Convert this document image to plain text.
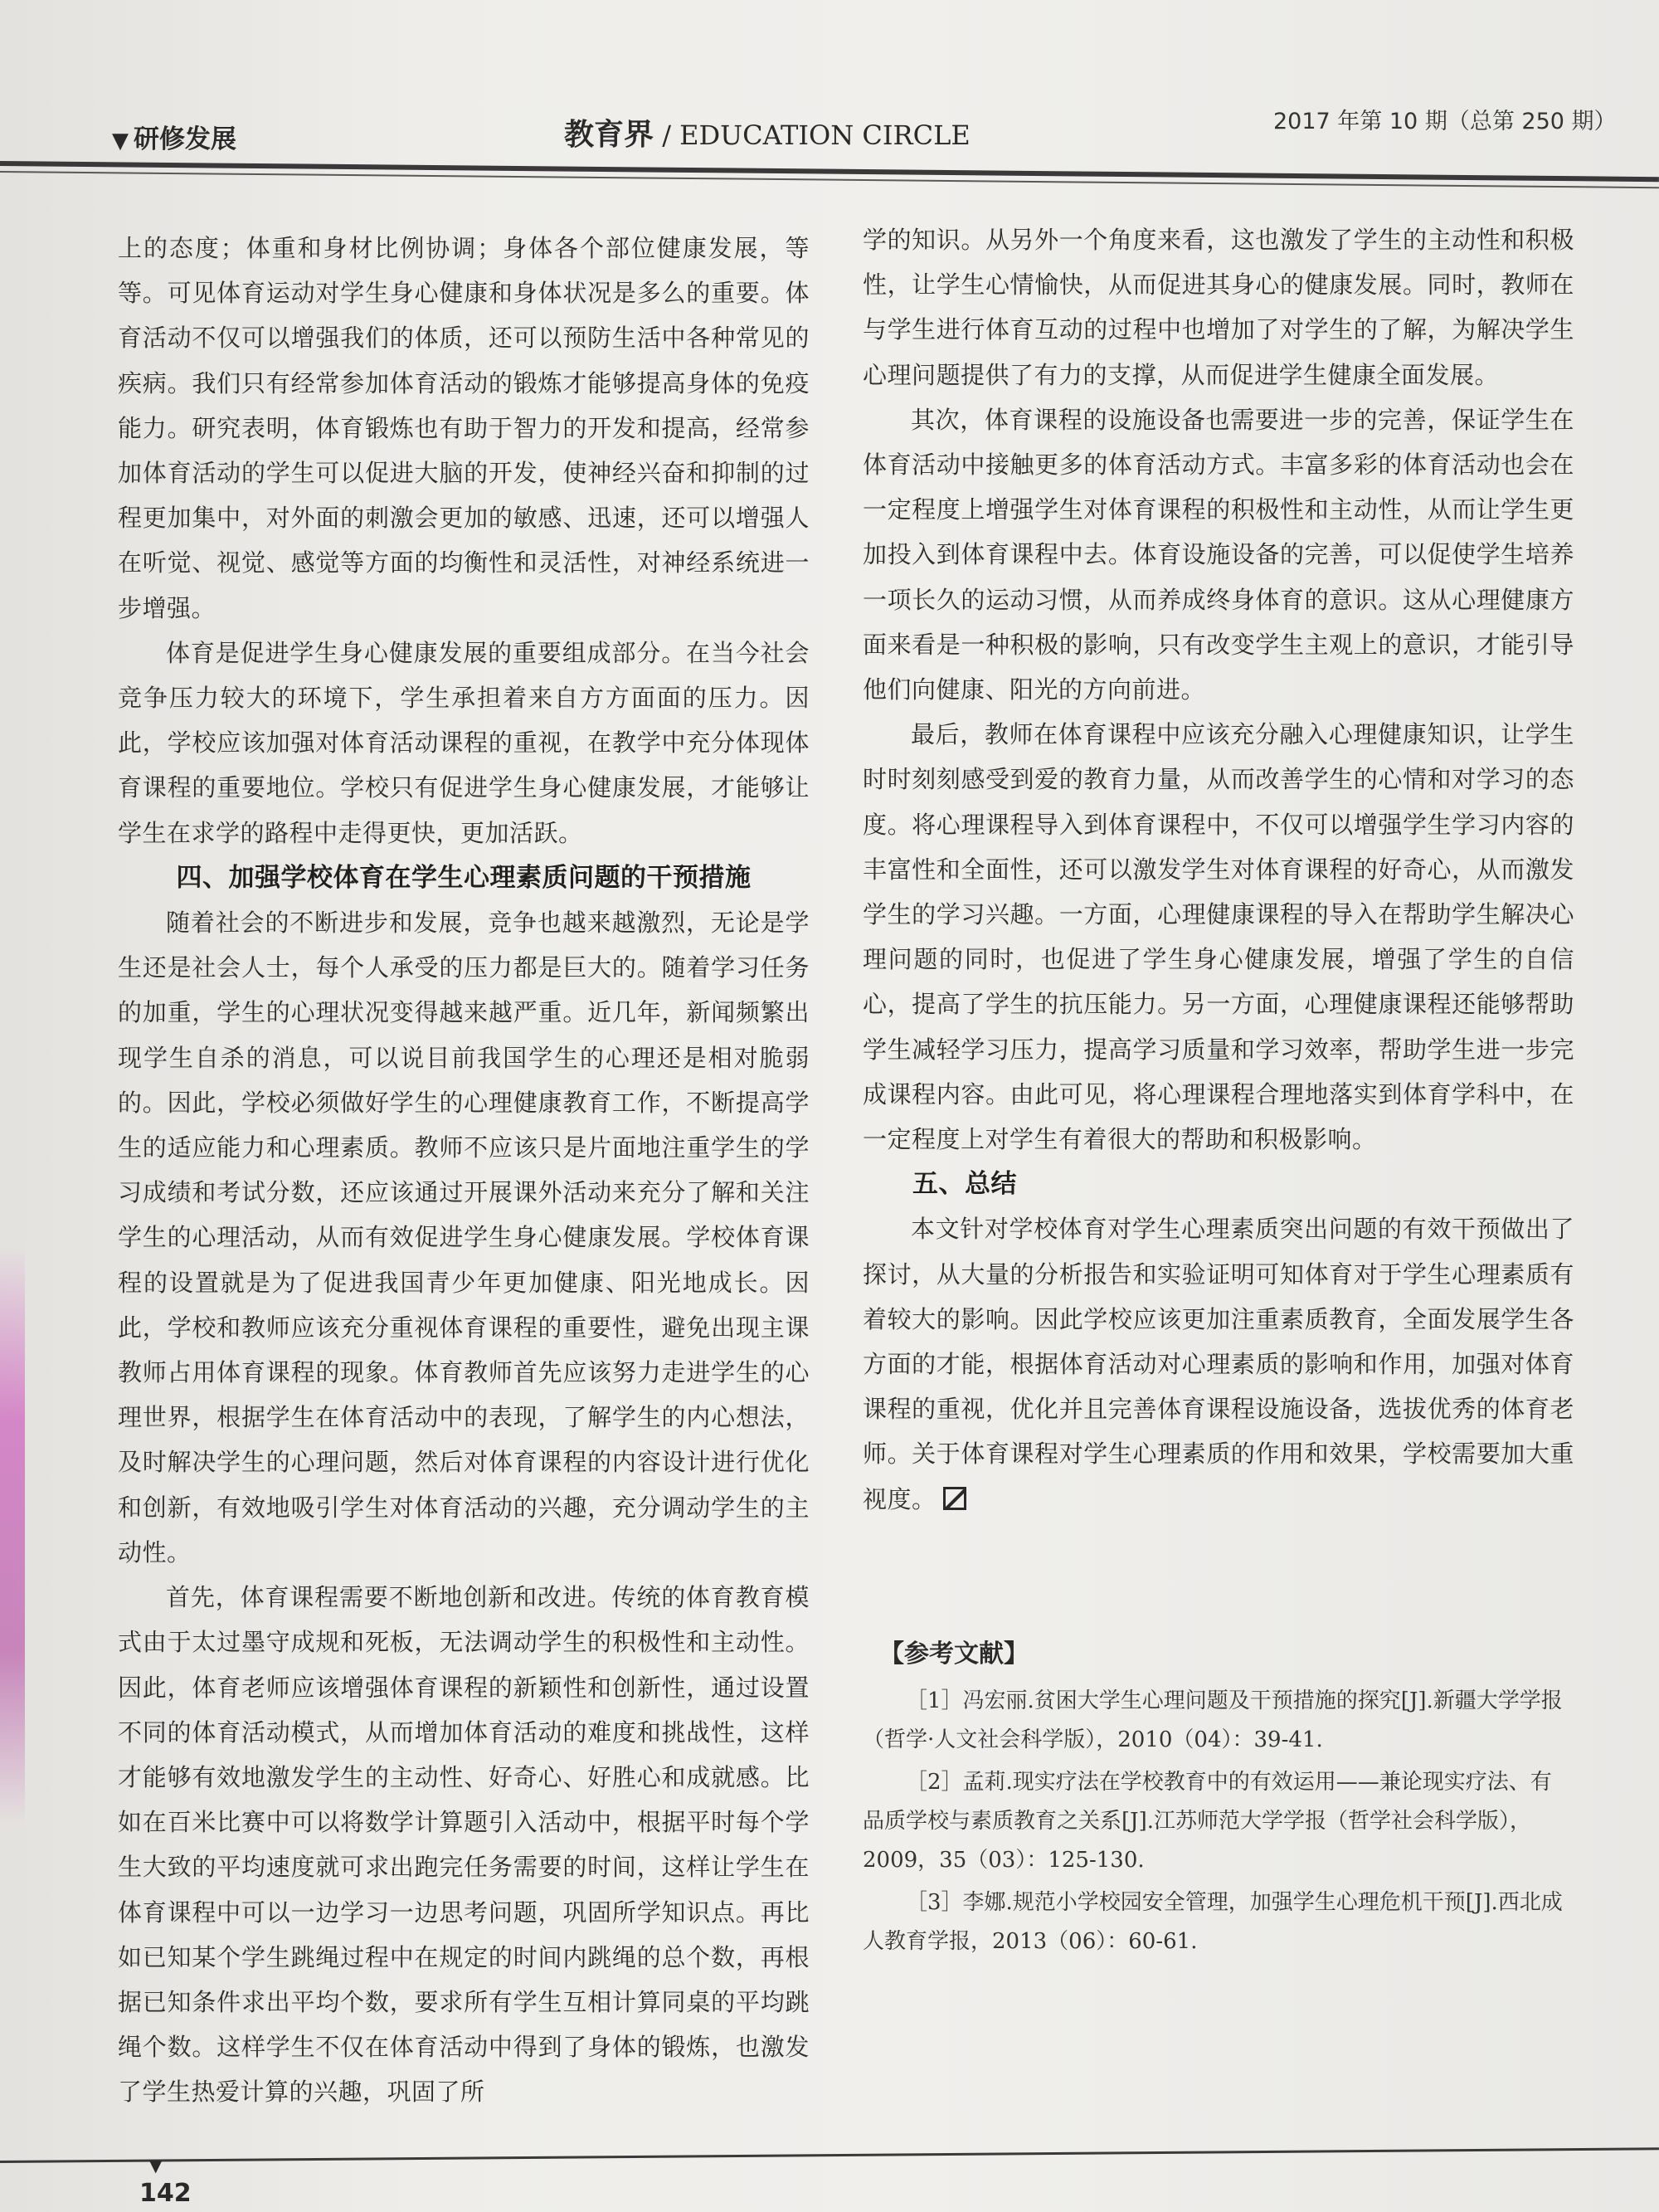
▼ 研修发展	教育界 / EDUCATION CIRCLE	2017 年第 10 期（总第 250 期）

上的态度；体重和身材比例协调；身体各个部位健康发展，等等。可见体育运动对学生身心健康和身体状况是多么的重要。体育活动不仅可以增强我们的体质，还可以预防生活中各种常见的疾病。我们只有经常参加体育活动的锻炼才能够提高身体的免疫能力。研究表明，体育锻炼也有助于智力的开发和提高，经常参加体育活动的学生可以促进大脑的开发，使神经兴奋和抑制的过程更加集中，对外面的刺激会更加的敏感、迅速，还可以增强人在听觉、视觉、感觉等方面的均衡性和灵活性，对神经系统进一步增强。

体育是促进学生身心健康发展的重要组成部分。在当今社会竞争压力较大的环境下，学生承担着来自方方面面的压力。因此，学校应该加强对体育活动课程的重视，在教学中充分体现体育课程的重要地位。学校只有促进学生身心健康发展，才能够让学生在求学的路程中走得更快，更加活跃。

四、加强学校体育在学生心理素质问题的干预措施

随着社会的不断进步和发展，竞争也越来越激烈，无论是学生还是社会人士，每个人承受的压力都是巨大的。随着学习任务的加重，学生的心理状况变得越来越严重。近几年，新闻频繁出现学生自杀的消息，可以说目前我国学生的心理还是相对脆弱的。因此，学校必须做好学生的心理健康教育工作，不断提高学生的适应能力和心理素质。教师不应该只是片面地注重学生的学习成绩和考试分数，还应该通过开展课外活动来充分了解和关注学生的心理活动，从而有效促进学生身心健康发展。学校体育课程的设置就是为了促进我国青少年更加健康、阳光地成长。因此，学校和教师应该充分重视体育课程的重要性，避免出现主课教师占用体育课程的现象。体育教师首先应该努力走进学生的心理世界，根据学生在体育活动中的表现，了解学生的内心想法，及时解决学生的心理问题，然后对体育课程的内容设计进行优化和创新，有效地吸引学生对体育活动的兴趣，充分调动学生的主动性。

首先，体育课程需要不断地创新和改进。传统的体育教育模式由于太过墨守成规和死板，无法调动学生的积极性和主动性。因此，体育老师应该增强体育课程的新颖性和创新性，通过设置不同的体育活动模式，从而增加体育活动的难度和挑战性，这样才能够有效地激发学生的主动性、好奇心、好胜心和成就感。比如在百米比赛中可以将数学计算题引入活动中，根据平时每个学生大致的平均速度就可求出跑完任务需要的时间，这样让学生在体育课程中可以一边学习一边思考问题，巩固所学知识点。再比如已知某个学生跳绳过程中在规定的时间内跳绳的总个数，再根据已知条件求出平均个数，要求所有学生互相计算同桌的平均跳绳个数。这样学生不仅在体育活动中得到了身体的锻炼，也激发了学生热爱计算的兴趣，巩固了所

学的知识。从另外一个角度来看，这也激发了学生的主动性和积极性，让学生心情愉快，从而促进其身心的健康发展。同时，教师在与学生进行体育互动的过程中也增加了对学生的了解，为解决学生心理问题提供了有力的支撑，从而促进学生健康全面发展。

其次，体育课程的设施设备也需要进一步的完善，保证学生在体育活动中接触更多的体育活动方式。丰富多彩的体育活动也会在一定程度上增强学生对体育课程的积极性和主动性，从而让学生更加投入到体育课程中去。体育设施设备的完善，可以促使学生培养一项长久的运动习惯，从而养成终身体育的意识。这从心理健康方面来看是一种积极的影响，只有改变学生主观上的意识，才能引导他们向健康、阳光的方向前进。

最后，教师在体育课程中应该充分融入心理健康知识，让学生时时刻刻感受到爱的教育力量，从而改善学生的心情和对学习的态度。将心理课程导入到体育课程中，不仅可以增强学生学习内容的丰富性和全面性，还可以激发学生对体育课程的好奇心，从而激发学生的学习兴趣。一方面，心理健康课程的导入在帮助学生解决心理问题的同时，也促进了学生身心健康发展，增强了学生的自信心，提高了学生的抗压能力。另一方面，心理健康课程还能够帮助学生减轻学习压力，提高学习质量和学习效率，帮助学生进一步完成课程内容。由此可见，将心理课程合理地落实到体育学科中，在一定程度上对学生有着很大的帮助和积极影响。

五、总结

本文针对学校体育对学生心理素质突出问题的有效干预做出了探讨，从大量的分析报告和实验证明可知体育对于学生心理素质有着较大的影响。因此学校应该更加注重素质教育，全面发展学生各方面的才能，根据体育活动对心理素质的影响和作用，加强对体育课程的重视，优化并且完善体育课程设施设备，选拔优秀的体育老师。关于体育课程对学生心理素质的作用和效果，学校需要加大重视度。

【参考文献】

［1］冯宏丽.贫困大学生心理问题及干预措施的探究[J].新疆大学学报（哲学·人文社会科学版），2010（04）：39-41.

［2］孟莉.现实疗法在学校教育中的有效运用——兼论现实疗法、有品质学校与素质教育之关系[J].江苏师范大学学报（哲学社会科学版），2009，35（03）：125-130.

［3］李娜.规范小学校园安全管理，加强学生心理危机干预[J].西北成人教育学报，2013（06）：60-61.

▼
142
